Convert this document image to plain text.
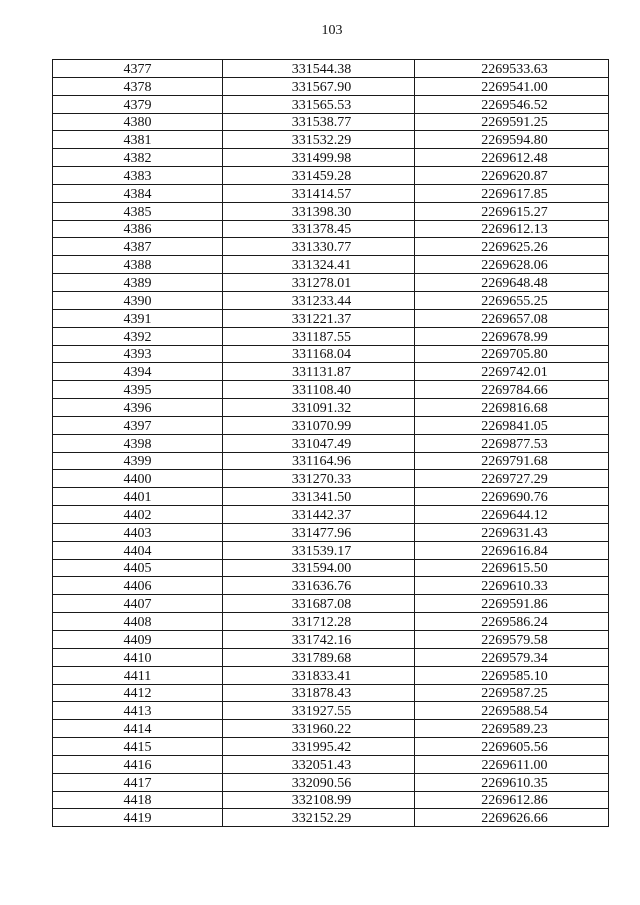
103
4377	331544.38	2269533.63
4378	331567.90	2269541.00
4379	331565.53	2269546.52
4380	331538.77	2269591.25
4381	331532.29	2269594.80
4382	331499.98	2269612.48
4383	331459.28	2269620.87
4384	331414.57	2269617.85
4385	331398.30	2269615.27
4386	331378.45	2269612.13
4387	331330.77	2269625.26
4388	331324.41	2269628.06
4389	331278.01	2269648.48
4390	331233.44	2269655.25
4391	331221.37	2269657.08
4392	331187.55	2269678.99
4393	331168.04	2269705.80
4394	331131.87	2269742.01
4395	331108.40	2269784.66
4396	331091.32	2269816.68
4397	331070.99	2269841.05
4398	331047.49	2269877.53
4399	331164.96	2269791.68
4400	331270.33	2269727.29
4401	331341.50	2269690.76
4402	331442.37	2269644.12
4403	331477.96	2269631.43
4404	331539.17	2269616.84
4405	331594.00	2269615.50
4406	331636.76	2269610.33
4407	331687.08	2269591.86
4408	331712.28	2269586.24
4409	331742.16	2269579.58
4410	331789.68	2269579.34
4411	331833.41	2269585.10
4412	331878.43	2269587.25
4413	331927.55	2269588.54
4414	331960.22	2269589.23
4415	331995.42	2269605.56
4416	332051.43	2269611.00
4417	332090.56	2269610.35
4418	332108.99	2269612.86
4419	332152.29	2269626.66
